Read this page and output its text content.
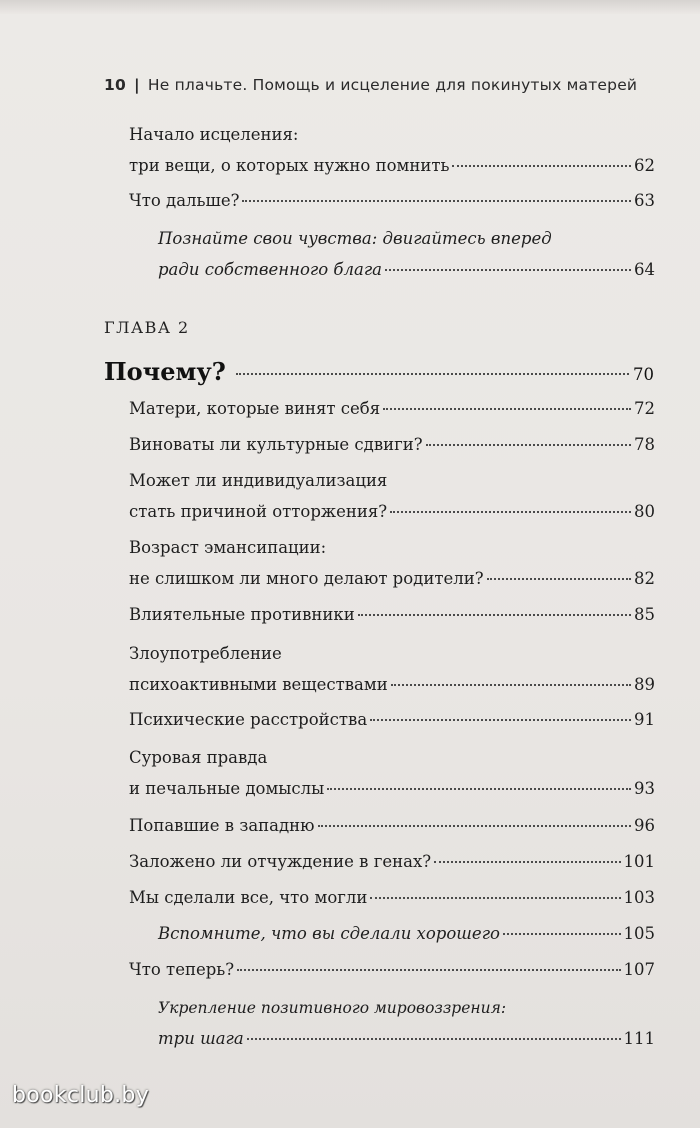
10 | Не плачьте. Помощь и исцеление для покинутых матерей
Начало исцеления:
три вещи, о которых нужно помнить	62
Что дальше?	63
Познайте свои чувства: двигайтесь вперед
ради собственного блага	64
ГЛАВА 2
Почему?	70
Матери, которые винят себя	72
Виноваты ли культурные сдвиги?	78
Может ли индивидуализация
стать причиной отторжения?	80
Возраст эмансипации:
не слишком ли много делают родители?	82
Влиятельные противники	85
Злоупотребление
психоактивными веществами	89
Психические расстройства	91
Суровая правда
и печальные домыслы	93
Попавшие в западню	96
Заложено ли отчуждение в генах?	101
Мы сделали все, что могли	103
Вспомните, что вы сделали хорошего	105
Что теперь?	107
Укрепление позитивного мировоззрения:
три шага	111
bookclub.by
